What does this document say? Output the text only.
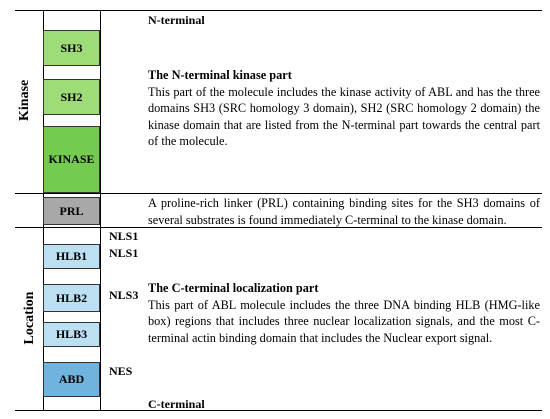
Kinase
Location
SH3
SH2
KINASE
PRL
HLB1
HLB2
HLB3
ABD
NLS1
NLS1
NLS3
NES
N-terminal
C-terminal
The N-terminal kinase part
This part of the molecule includes the kinase activity of ABL and has the three domains SH3 (SRC homology 3 domain), SH2 (SRC homology 2 domain) the kinase domain that are listed from the N-terminal part towards the central part of the molecule.
A proline-rich linker (PRL) containing binding sites for the SH3 domains of several substrates is found immediately C-terminal to the kinase domain.
The C-terminal localization part
This part of ABL molecule includes the three DNA binding HLB (HMG-like box) regions that includes three nuclear localization signals, and the most C-terminal actin binding domain that includes the Nuclear export signal.
